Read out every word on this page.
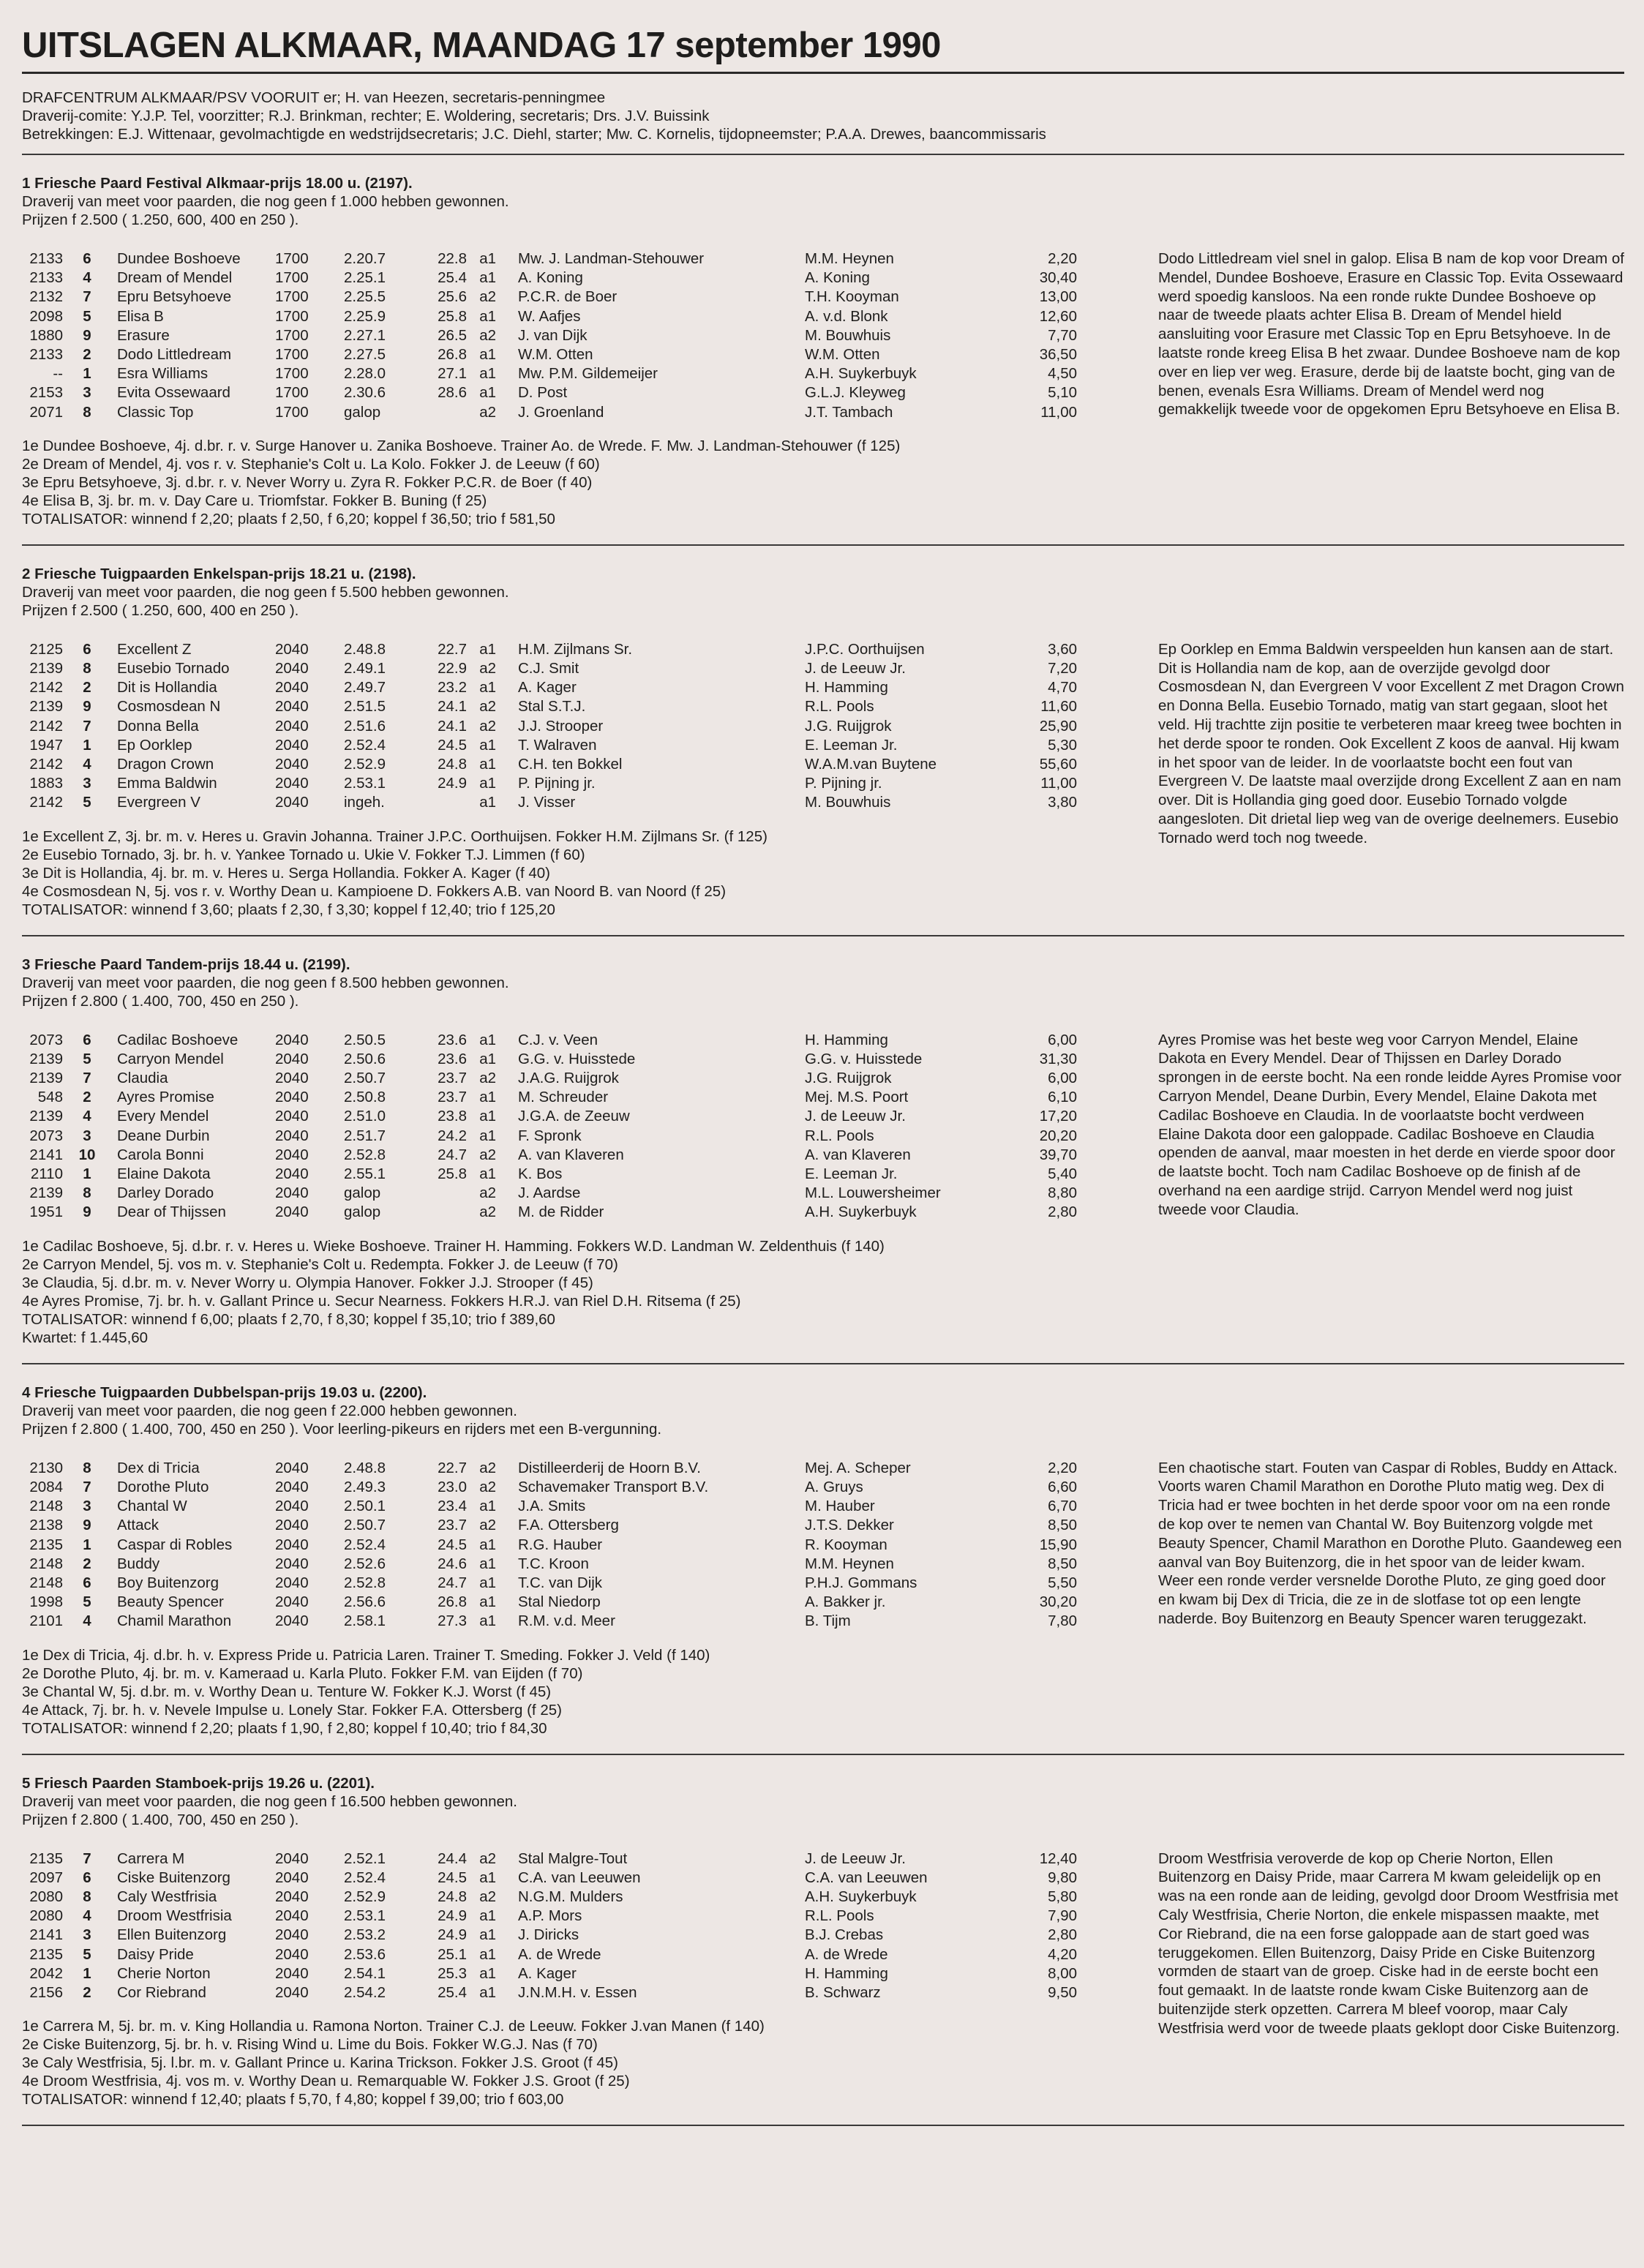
UITSLAGEN ALKMAAR, MAANDAG 17 september 1990
DRAFCENTRUM ALKMAAR/PSV VOORUIT er; H. van Heezen, secretaris-penningmee
Draverij-comite: Y.J.P. Tel, voorzitter; R.J. Brinkman, rechter; E. Woldering, secretaris; Drs. J.V. Buissink
Betrekkingen: E.J. Wittenaar, gevolmachtigde en wedstrijdsecretaris; J.C. Diehl, starter; Mw. C. Kornelis, tijdopneemster; P.A.A. Drewes, baancommissaris
1 Friesche Paard Festival Alkmaar-prijs 18.00 u. (2197).
Draverij van meet voor paarden, die nog geen f 1.000 hebben gewonnen.
Prijzen f 2.500 ( 1.250, 600, 400 en 250 ).
2133	6	Dundee Boshoeve	1700	2.20.7	22.8	a1	Mw. J. Landman-Stehouwer	M.M. Heynen	2,20
2133	4	Dream of Mendel	1700	2.25.1	25.4	a1	A. Koning	A. Koning	30,40
2132	7	Epru Betsyhoeve	1700	2.25.5	25.6	a2	P.C.R. de Boer	T.H. Kooyman	13,00
2098	5	Elisa B	1700	2.25.9	25.8	a1	W. Aafjes	A. v.d. Blonk	12,60
1880	9	Erasure	1700	2.27.1	26.5	a2	J. van Dijk	M. Bouwhuis	7,70
2133	2	Dodo Littledream	1700	2.27.5	26.8	a1	W.M. Otten	W.M. Otten	36,50
--	1	Esra Williams	1700	2.28.0	27.1	a1	Mw. P.M. Gildemeijer	A.H. Suykerbuyk	4,50
2153	3	Evita Ossewaard	1700	2.30.6	28.6	a1	D. Post	G.L.J. Kleyweg	5,10
2071	8	Classic Top	1700	galop		a2	J. Groenland	J.T. Tambach	11,00
Dodo Littledream viel snel in galop. Elisa B nam de kop voor Dream of Mendel, Dundee Boshoeve, Erasure en Classic Top. Evita Ossewaard werd spoedig kansloos. Na een ronde rukte Dundee Boshoeve op naar de tweede plaats achter Elisa B. Dream of Mendel hield aansluiting voor Erasure met Classic Top en Epru Betsyhoeve. In de laatste ronde kreeg Elisa B het zwaar. Dundee Boshoeve nam de kop over en liep ver weg. Erasure, derde bij de laatste bocht, ging van de benen, evenals Esra Williams. Dream of Mendel werd nog gemakkelijk tweede voor de opgekomen Epru Betsyhoeve en Elisa B.
1e Dundee Boshoeve, 4j. d.br. r. v. Surge Hanover u. Zanika Boshoeve. Trainer Ao. de Wrede. F. Mw. J. Landman-Stehouwer (f 125)
2e Dream of Mendel, 4j. vos r. v. Stephanie's Colt u. La Kolo. Fokker J. de Leeuw (f 60)
3e Epru Betsyhoeve, 3j. d.br. r. v. Never Worry u. Zyra R. Fokker P.C.R. de Boer (f 40)
4e Elisa B, 3j. br. m. v. Day Care u. Triomfstar. Fokker B. Buning (f 25)
TOTALISATOR: winnend f 2,20; plaats f 2,50, f 6,20; koppel f 36,50; trio f 581,50
2 Friesche Tuigpaarden Enkelspan-prijs 18.21 u. (2198).
Draverij van meet voor paarden, die nog geen f 5.500 hebben gewonnen.
Prijzen f 2.500 ( 1.250, 600, 400 en 250 ).
2125	6	Excellent Z	2040	2.48.8	22.7	a1	H.M. Zijlmans Sr.	J.P.C. Oorthuijsen	3,60
2139	8	Eusebio Tornado	2040	2.49.1	22.9	a2	C.J. Smit	J. de Leeuw Jr.	7,20
2142	2	Dit is Hollandia	2040	2.49.7	23.2	a1	A. Kager	H. Hamming	4,70
2139	9	Cosmosdean N	2040	2.51.5	24.1	a2	Stal S.T.J.	R.L. Pools	11,60
2142	7	Donna Bella	2040	2.51.6	24.1	a2	J.J. Strooper	J.G. Ruijgrok	25,90
1947	1	Ep Oorklep	2040	2.52.4	24.5	a1	T. Walraven	E. Leeman Jr.	5,30
2142	4	Dragon Crown	2040	2.52.9	24.8	a1	C.H. ten Bokkel	W.A.M.van Buytene	55,60
1883	3	Emma Baldwin	2040	2.53.1	24.9	a1	P. Pijning jr.	P. Pijning jr.	11,00
2142	5	Evergreen V	2040	ingeh.		a1	J. Visser	M. Bouwhuis	3,80
Ep Oorklep en Emma Baldwin verspeelden hun kansen aan de start. Dit is Hollandia nam de kop, aan de overzijde gevolgd door Cosmosdean N, dan Evergreen V voor Excellent Z met Dragon Crown en Donna Bella. Eusebio Tornado, matig van start gegaan, sloot het veld. Hij trachtte zijn positie te verbeteren maar kreeg twee bochten in het derde spoor te ronden. Ook Excellent Z koos de aanval. Hij kwam in het spoor van de leider. In de voorlaatste bocht een fout van Evergreen V. De laatste maal overzijde drong Excellent Z aan en nam over. Dit is Hollandia ging goed door. Eusebio Tornado volgde aangesloten. Dit drietal liep weg van de overige deelnemers. Eusebio Tornado werd toch nog tweede.
1e Excellent Z, 3j. br. m. v. Heres u. Gravin Johanna. Trainer J.P.C. Oorthuijsen. Fokker H.M. Zijlmans Sr. (f 125)
2e Eusebio Tornado, 3j. br. h. v. Yankee Tornado u. Ukie V. Fokker T.J. Limmen (f 60)
3e Dit is Hollandia, 4j. br. m. v. Heres u. Serga Hollandia. Fokker A. Kager (f 40)
4e Cosmosdean N, 5j. vos r. v. Worthy Dean u. Kampioene D. Fokkers A.B. van Noord B. van Noord (f 25)
TOTALISATOR: winnend f 3,60; plaats f 2,30, f 3,30; koppel f 12,40; trio f 125,20
3 Friesche Paard Tandem-prijs 18.44 u. (2199).
Draverij van meet voor paarden, die nog geen f 8.500 hebben gewonnen.
Prijzen f 2.800 ( 1.400, 700, 450 en 250 ).
2073	6	Cadilac Boshoeve	2040	2.50.5	23.6	a1	C.J. v. Veen	H. Hamming	6,00
2139	5	Carryon Mendel	2040	2.50.6	23.6	a1	G.G. v. Huisstede	G.G. v. Huisstede	31,30
2139	7	Claudia	2040	2.50.7	23.7	a2	J.A.G. Ruijgrok	J.G. Ruijgrok	6,00
548	2	Ayres Promise	2040	2.50.8	23.7	a1	M. Schreuder	Mej. M.S. Poort	6,10
2139	4	Every Mendel	2040	2.51.0	23.8	a1	J.G.A. de Zeeuw	J. de Leeuw Jr.	17,20
2073	3	Deane Durbin	2040	2.51.7	24.2	a1	F. Spronk	R.L. Pools	20,20
2141	10	Carola Bonni	2040	2.52.8	24.7	a2	A. van Klaveren	A. van Klaveren	39,70
2110	1	Elaine Dakota	2040	2.55.1	25.8	a1	K. Bos	E. Leeman Jr.	5,40
2139	8	Darley Dorado	2040	galop		a2	J. Aardse	M.L. Louwersheimer	8,80
1951	9	Dear of Thijssen	2040	galop		a2	M. de Ridder	A.H. Suykerbuyk	2,80
Ayres Promise was het beste weg voor Carryon Mendel, Elaine Dakota en Every Mendel. Dear of Thijssen en Darley Dorado sprongen in de eerste bocht. Na een ronde leidde Ayres Promise voor Carryon Mendel, Deane Durbin, Every Mendel, Elaine Dakota met Cadilac Boshoeve en Claudia. In de voorlaatste bocht verdween Elaine Dakota door een galoppade. Cadilac Boshoeve en Claudia openden de aanval, maar moesten in het derde en vierde spoor door de laatste bocht. Toch nam Cadilac Boshoeve op de finish af de overhand na een aardige strijd. Carryon Mendel werd nog juist tweede voor Claudia.
1e Cadilac Boshoeve, 5j. d.br. r. v. Heres u. Wieke Boshoeve. Trainer H. Hamming. Fokkers W.D. Landman W. Zeldenthuis (f 140)
2e Carryon Mendel, 5j. vos m. v. Stephanie's Colt u. Redempta. Fokker J. de Leeuw (f 70)
3e Claudia, 5j. d.br. m. v. Never Worry u. Olympia Hanover. Fokker J.J. Strooper (f 45)
4e Ayres Promise, 7j. br. h. v. Gallant Prince u. Secur Nearness. Fokkers H.R.J. van Riel D.H. Ritsema (f 25)
TOTALISATOR: winnend f 6,00; plaats f 2,70, f 8,30; koppel f 35,10; trio f 389,60
Kwartet: f 1.445,60
4 Friesche Tuigpaarden Dubbelspan-prijs 19.03 u. (2200).
Draverij van meet voor paarden, die nog geen f 22.000 hebben gewonnen.
Prijzen f 2.800 ( 1.400, 700, 450 en 250 ). Voor leerling-pikeurs en rijders met een B-vergunning.
2130	8	Dex di Tricia	2040	2.48.8	22.7	a2	Distilleerderij de Hoorn B.V.	Mej. A. Scheper	2,20
2084	7	Dorothe Pluto	2040	2.49.3	23.0	a2	Schavemaker Transport B.V.	A. Gruys	6,60
2148	3	Chantal W	2040	2.50.1	23.4	a1	J.A. Smits	M. Hauber	6,70
2138	9	Attack	2040	2.50.7	23.7	a2	F.A. Ottersberg	J.T.S. Dekker	8,50
2135	1	Caspar di Robles	2040	2.52.4	24.5	a1	R.G. Hauber	R. Kooyman	15,90
2148	2	Buddy	2040	2.52.6	24.6	a1	T.C. Kroon	M.M. Heynen	8,50
2148	6	Boy Buitenzorg	2040	2.52.8	24.7	a1	T.C. van Dijk	P.H.J. Gommans	5,50
1998	5	Beauty Spencer	2040	2.56.6	26.8	a1	Stal Niedorp	A. Bakker jr.	30,20
2101	4	Chamil Marathon	2040	2.58.1	27.3	a1	R.M. v.d. Meer	B. Tijm	7,80
Een chaotische start. Fouten van Caspar di Robles, Buddy en Attack. Voorts waren Chamil Marathon en Dorothe Pluto matig weg. Dex di Tricia had er twee bochten in het derde spoor voor om na een ronde de kop over te nemen van Chantal W. Boy Buitenzorg volgde met Beauty Spencer, Chamil Marathon en Dorothe Pluto. Gaandeweg een aanval van Boy Buitenzorg, die in het spoor van de leider kwam. Weer een ronde verder versnelde Dorothe Pluto, ze ging goed door en kwam bij Dex di Tricia, die ze in de slotfase tot op een lengte naderde. Boy Buitenzorg en Beauty Spencer waren teruggezakt.
1e Dex di Tricia, 4j. d.br. h. v. Express Pride u. Patricia Laren. Trainer T. Smeding. Fokker J. Veld (f 140)
2e Dorothe Pluto, 4j. br. m. v. Kameraad u. Karla Pluto. Fokker F.M. van Eijden (f 70)
3e Chantal W, 5j. d.br. m. v. Worthy Dean u. Tenture W. Fokker K.J. Worst (f 45)
4e Attack, 7j. br. h. v. Nevele Impulse u. Lonely Star. Fokker F.A. Ottersberg (f 25)
TOTALISATOR: winnend f 2,20; plaats f 1,90, f 2,80; koppel f 10,40; trio f 84,30
5 Friesch Paarden Stamboek-prijs 19.26 u. (2201).
Draverij van meet voor paarden, die nog geen f 16.500 hebben gewonnen.
Prijzen f 2.800 ( 1.400, 700, 450 en 250 ).
2135	7	Carrera M	2040	2.52.1	24.4	a2	Stal Malgre-Tout	J. de Leeuw Jr.	12,40
2097	6	Ciske Buitenzorg	2040	2.52.4	24.5	a1	C.A. van Leeuwen	C.A. van Leeuwen	9,80
2080	8	Caly Westfrisia	2040	2.52.9	24.8	a2	N.G.M. Mulders	A.H. Suykerbuyk	5,80
2080	4	Droom Westfrisia	2040	2.53.1	24.9	a1	A.P. Mors	R.L. Pools	7,90
2141	3	Ellen Buitenzorg	2040	2.53.2	24.9	a1	J. Diricks	B.J. Crebas	2,80
2135	5	Daisy Pride	2040	2.53.6	25.1	a1	A. de Wrede	A. de Wrede	4,20
2042	1	Cherie Norton	2040	2.54.1	25.3	a1	A. Kager	H. Hamming	8,00
2156	2	Cor Riebrand	2040	2.54.2	25.4	a1	J.N.M.H. v. Essen	B. Schwarz	9,50
Droom Westfrisia veroverde de kop op Cherie Norton, Ellen Buitenzorg en Daisy Pride, maar Carrera M kwam geleidelijk op en was na een ronde aan de leiding, gevolgd door Droom Westfrisia met Caly Westfrisia, Cherie Norton, die enkele mispassen maakte, met Cor Riebrand, die na een forse galoppade aan de start goed was teruggekomen. Ellen Buitenzorg, Daisy Pride en Ciske Buitenzorg vormden de staart van de groep. Ciske had in de eerste bocht een fout gemaakt. In de laatste ronde kwam Ciske Buitenzorg aan de buitenzijde sterk opzetten. Carrera M bleef voorop, maar Caly Westfrisia werd voor de tweede plaats geklopt door Ciske Buitenzorg.
1e Carrera M, 5j. br. m. v. King Hollandia u. Ramona Norton. Trainer C.J. de Leeuw. Fokker J.van Manen (f 140)
2e Ciske Buitenzorg, 5j. br. h. v. Rising Wind u. Lime du Bois. Fokker W.G.J. Nas (f 70)
3e Caly Westfrisia, 5j. l.br. m. v. Gallant Prince u. Karina Trickson. Fokker J.S. Groot (f 45)
4e Droom Westfrisia, 4j. vos m. v. Worthy Dean u. Remarquable W. Fokker J.S. Groot (f 25)
TOTALISATOR: winnend f 12,40; plaats f 5,70, f 4,80; koppel f 39,00; trio f 603,00
